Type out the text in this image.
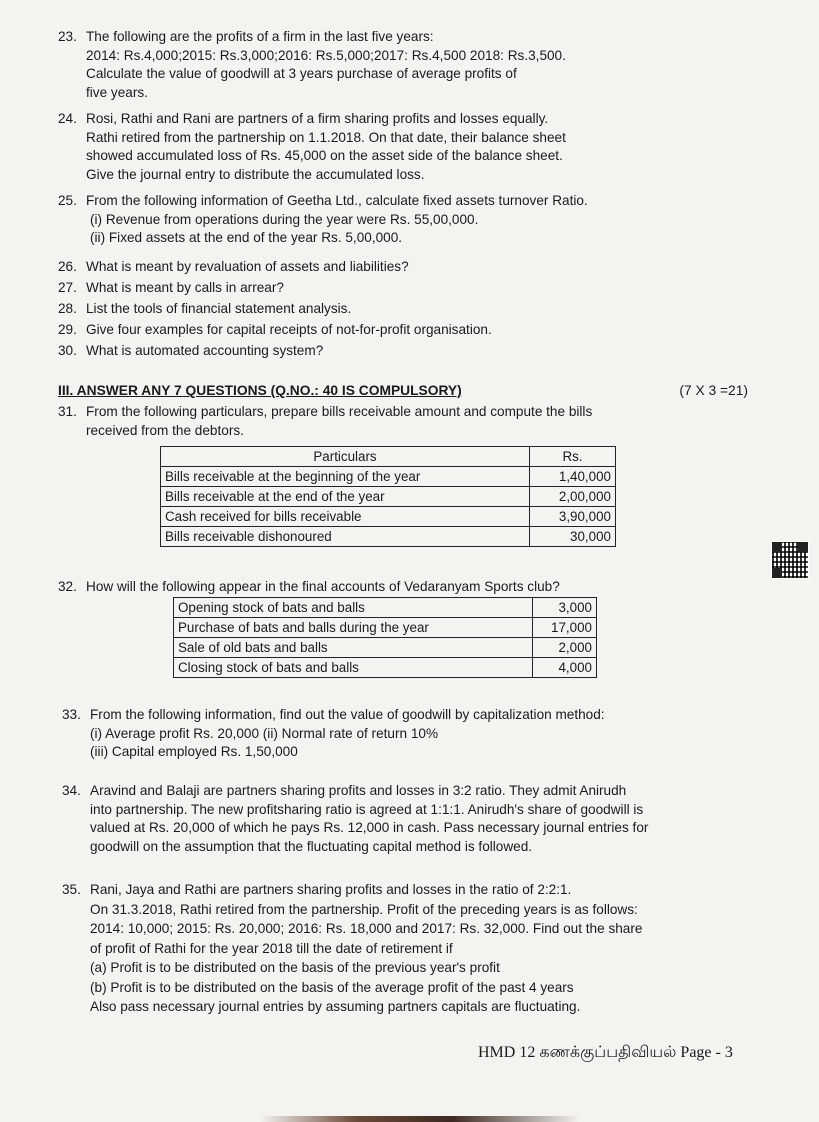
23. The following are the profits of a firm in the last five years:
2014: Rs.4,000;2015: Rs.3,000;2016: Rs.5,000;2017: Rs.4,500 2018: Rs.3,500.
Calculate the value of goodwill at 3 years purchase of average profits of
five years.
24. Rosi, Rathi and Rani are partners of a firm sharing profits and losses equally.
Rathi retired from the partnership on 1.1.2018. On that date, their balance sheet
showed accumulated loss of Rs. 45,000 on the asset side of the balance sheet.
Give the journal entry to distribute the accumulated loss.
25. From the following information of Geetha Ltd., calculate fixed assets turnover Ratio.
(i) Revenue from operations during the year were Rs. 55,00,000.
(ii) Fixed assets at the end of the year Rs. 5,00,000.
26. What is meant by revaluation of assets and liabilities?
27. What is meant by calls in arrear?
28. List the tools of financial statement analysis.
29. Give four examples for capital receipts of not-for-profit organisation.
30. What is automated accounting system?
III. ANSWER ANY 7 QUESTIONS (Q.NO.: 40 IS COMPULSORY)	(7 X 3 =21)
31. From the following particulars, prepare bills receivable amount and compute the bills
received from the debtors.
Particulars	Rs.
Bills receivable at the beginning of the year	1,40,000
Bills receivable at the end of the year	2,00,000
Cash received for bills receivable	3,90,000
Bills receivable dishonoured	30,000
32. How will the following appear in the final accounts of Vedaranyam Sports club?
Opening stock of bats and balls	3,000
Purchase of bats and balls during the year	17,000
Sale of old bats and balls	2,000
Closing stock of bats and balls	4,000
33. From the following information, find out the value of goodwill by capitalization method:
(i) Average profit Rs. 20,000 (ii) Normal rate of return 10%
(iii) Capital employed Rs. 1,50,000
34. Aravind and Balaji are partners sharing profits and losses in 3:2 ratio. They admit Anirudh
into partnership. The new profitsharing ratio is agreed at 1:1:1. Anirudh's share of goodwill is
valued at Rs. 20,000 of which he pays Rs. 12,000 in cash. Pass necessary journal entries for
goodwill on the assumption that the fluctuating capital method is followed.
35. Rani, Jaya and Rathi are partners sharing profits and losses in the ratio of 2:2:1.
On 31.3.2018, Rathi retired from the partnership. Profit of the preceding years is as follows:
2014: 10,000; 2015: Rs. 20,000; 2016: Rs. 18,000 and 2017: Rs. 32,000. Find out the share
of profit of Rathi for the year 2018 till the date of retirement if
(a) Profit is to be distributed on the basis of the previous year's profit
(b) Profit is to be distributed on the basis of the average profit of the past 4 years
Also pass necessary journal entries by assuming partners capitals are fluctuating.
HMD 12 கணக்குப்பதிவியல் Page - 3
